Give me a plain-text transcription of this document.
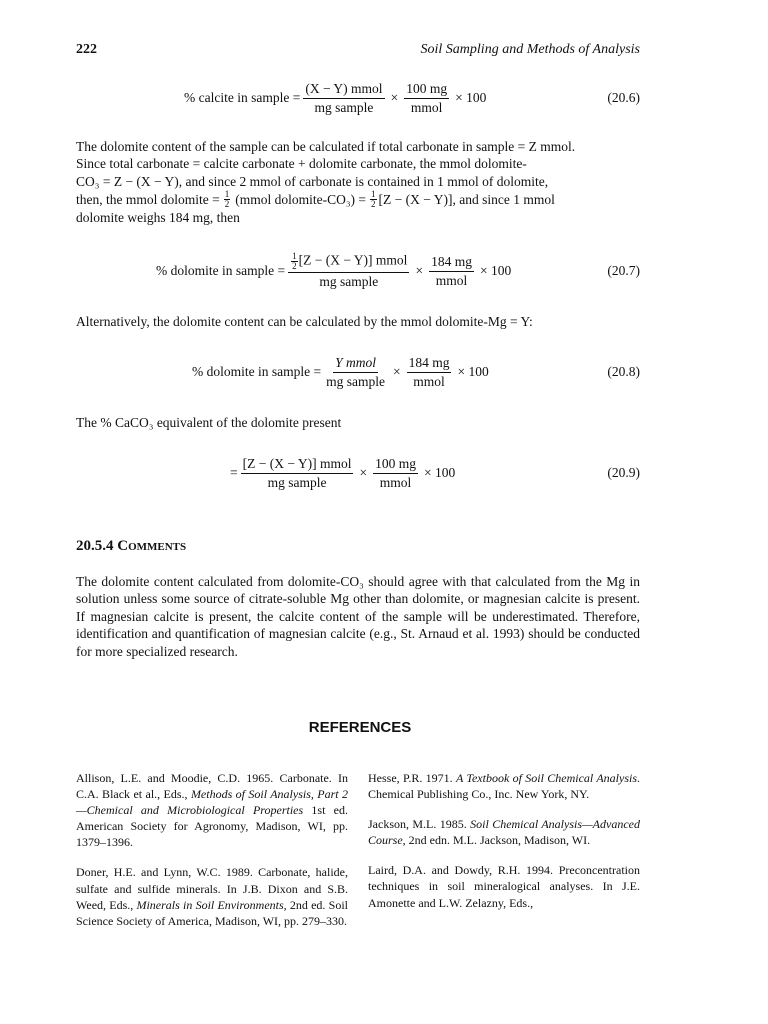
222	Soil Sampling and Methods of Analysis
% calcite in sample = $\frac{\text{(X − Y) mmol}}{\text{mg sample}} \times \frac{100 mg}{\text{mmol}} \times 100$	(20.6)
The dolomite content of the sample can be calculated if total carbonate in sample = Z mmol.
Since total carbonate = calcite carbonate + dolomite carbonate, the mmol dolomite-
CO₃ = Z − (X − Y), and since 2 mmol of carbonate is contained in 1 mmol of dolomite,
then, the mmol dolomite = $\frac{1}{2}$ (mmol dolomite-CO₃) = $\frac{1}{2} [Z - (X - Y)]$, and since 1 mmol
dolomite weighs 184 mg, then
% dolomite in sample = $\frac{\frac{1}{2} [Z - (X - Y)] mmol}{\text{mg sample}} \times \frac{184 mg}{\text{mmol}} \times 100$	(20.7)
Alternatively, the dolomite content can be calculated by the mmol dolomite-Mg = Y:
% dolomite in sample = $\frac{\text{Y mmol}}{\text{mg sample}} \times \frac{184 mg}{\text{mmol}} \times 100$	(20.8)
The % CaCO₃ equivalent of the dolomite present
= $\frac{\text{[Z − (X − Y)] mmol}}{\text{mg sample}} \times \frac{100 mg}{\text{mmol}} \times 100$	(20.9)
20.5.4 Comments
The dolomite content calculated from dolomite-CO₃ should agree with that calculated from the Mg in solution unless some source of citrate-soluble Mg other than dolomite, or magnesian calcite is present. If magnesian calcite is present, the calcite content of the sample will be underestimated. Therefore, identification and quantification of magnesian calcite (e.g., St. Arnaud et al. 1993) should be conducted for more specialized research.
REFERENCES
Allison, L.E. and Moodie, C.D. 1965. Carbonate. In C.A. Black et al., Eds., Methods of Soil Analysis, Part 2—Chemical and Microbiological Properties 1st ed. American Society for Agronomy, Madison, WI, pp. 1379–1396.
Doner, H.E. and Lynn, W.C. 1989. Carbonate, halide, sulfate and sulfide minerals. In J.B. Dixon and S.B. Weed, Eds., Minerals in Soil Environments, 2nd ed. Soil Science Society of America, Madison, WI, pp. 279–330.
Hesse, P.R. 1971. A Textbook of Soil Chemical Analysis. Chemical Publishing Co., Inc. New York, NY.
Jackson, M.L. 1985. Soil Chemical Analysis—Advanced Course, 2nd edn. M.L. Jackson, Madison, WI.
Laird, D.A. and Dowdy, R.H. 1994. Preconcentration techniques in soil mineralogical analyses. In J.E. Amonette and L.W. Zelazny, Eds.,
